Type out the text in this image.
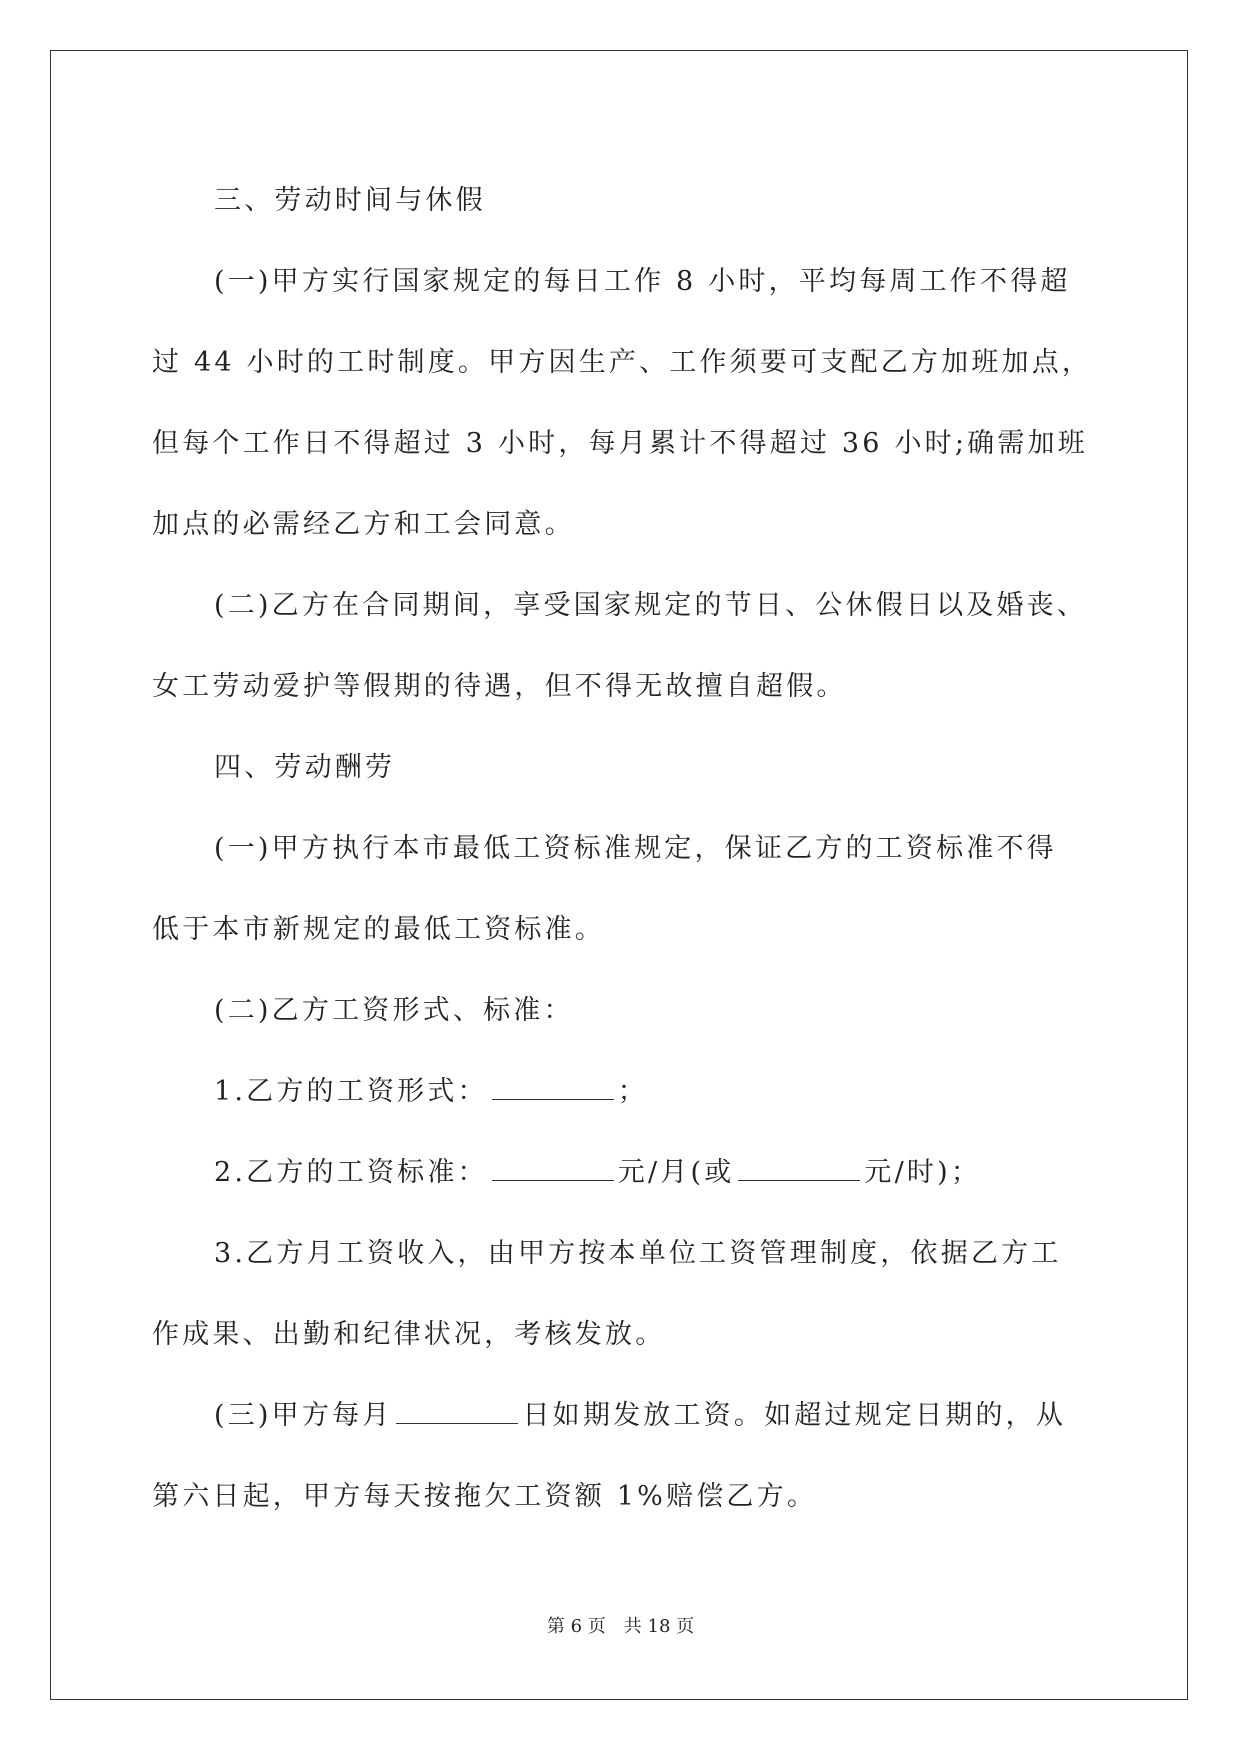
三、劳动时间与休假
(一)甲方实行国家规定的每日工作 8 小时，平均每周工作不得超
过 44 小时的工时制度。甲方因生产、工作须要可支配乙方加班加点，
但每个工作日不得超过 3 小时，每月累计不得超过 36 小时;确需加班
加点的必需经乙方和工会同意。
(二)乙方在合同期间，享受国家规定的节日、公休假日以及婚丧、
女工劳动爱护等假期的待遇，但不得无故擅自超假。
四、劳动酬劳
(一)甲方执行本市最低工资标准规定，保证乙方的工资标准不得
低于本市新规定的最低工资标准。
(二)乙方工资形式、标准：
1.乙方的工资形式：	；
2.乙方的工资标准：	元/月(或	元/时)；
3.乙方月工资收入，由甲方按本单位工资管理制度，依据乙方工
作成果、出勤和纪律状况，考核发放。
(三)甲方每月	日如期发放工资。如超过规定日期的，从
第六日起，甲方每天按拖欠工资额 1%赔偿乙方。
第 6 页 共 18 页
